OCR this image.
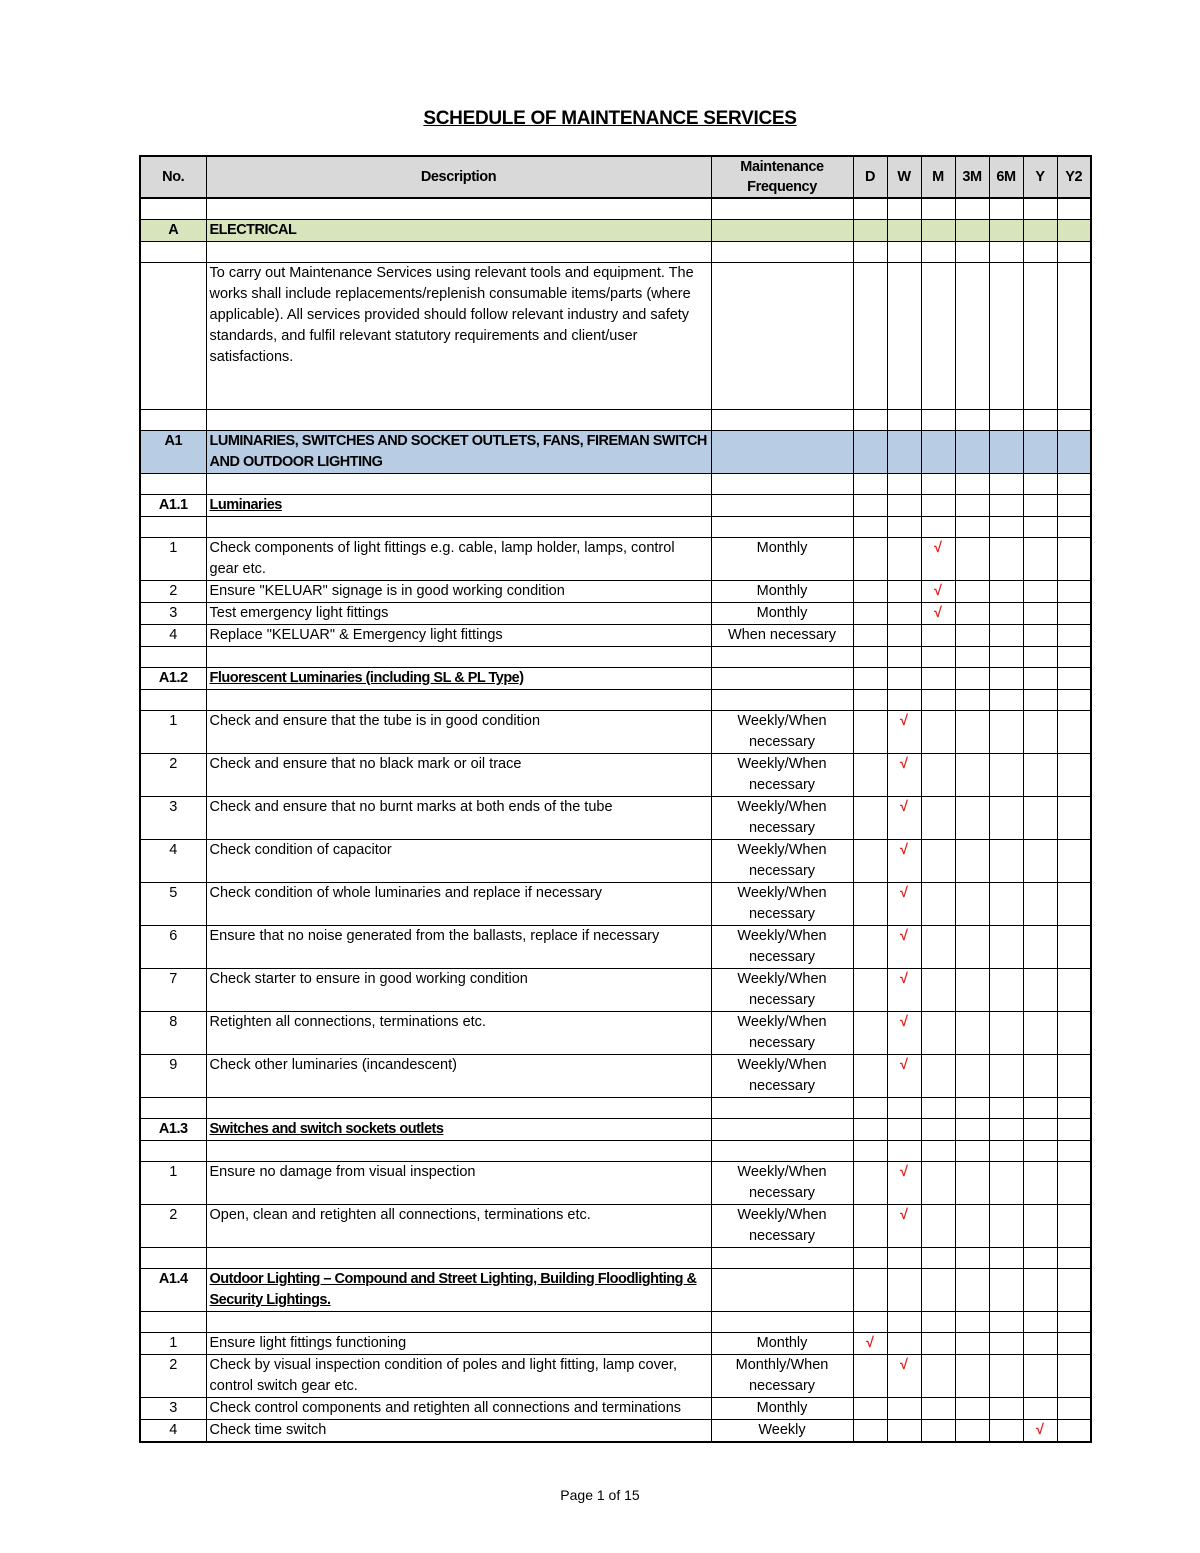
SCHEDULE OF MAINTENANCE SERVICES
No.	Description	Maintenance Frequency	D	W	M	3M	6M	Y	Y2

A	ELECTRICAL								

	To carry out Maintenance Services using relevant tools and equipment. The works shall include replacements/replenish consumable items/parts (where applicable). All services provided should follow relevant industry and safety standards, and fulfil relevant statutory requirements and client/user satisfactions.								

A1	LUMINARIES, SWITCHES AND SOCKET OUTLETS, FANS, FIREMAN SWITCH AND OUTDOOR LIGHTING								

A1.1	Luminaries								

1	Check components of light fittings e.g. cable, lamp holder, lamps, control gear etc.	Monthly			√				
2	Ensure "KELUAR" signage is in good working condition	Monthly			√				
3	Test emergency light fittings	Monthly			√				
4	Replace "KELUAR" & Emergency light fittings	When necessary							

A1.2	Fluorescent Luminaries (including SL & PL Type)								

1	Check and ensure that the tube is in good condition	Weekly/When necessary		√					
2	Check and ensure that no black mark or oil trace	Weekly/When necessary		√					
3	Check and ensure that no burnt marks at both ends of the tube	Weekly/When necessary		√					
4	Check condition of capacitor	Weekly/When necessary		√					
5	Check condition of whole luminaries and replace if necessary	Weekly/When necessary		√					
6	Ensure that no noise generated from the ballasts, replace if necessary	Weekly/When necessary		√					
7	Check starter to ensure in good working condition	Weekly/When necessary		√					
8	Retighten all connections, terminations etc.	Weekly/When necessary		√					
9	Check other luminaries (incandescent)	Weekly/When necessary		√					

A1.3	Switches and switch sockets outlets								

1	Ensure no damage from visual inspection	Weekly/When necessary		√					
2	Open, clean and retighten all connections, terminations etc.	Weekly/When necessary		√					

A1.4	Outdoor Lighting – Compound and Street Lighting, Building Floodlighting & Security Lightings.								

1	Ensure light fittings functioning	Monthly	√						
2	Check by visual inspection condition of poles and light fitting, lamp cover, control switch gear etc.	Monthly/When necessary		√					
3	Check control components and retighten all connections and terminations	Monthly							
4	Check time switch	Weekly						√	
Page 1 of 15
